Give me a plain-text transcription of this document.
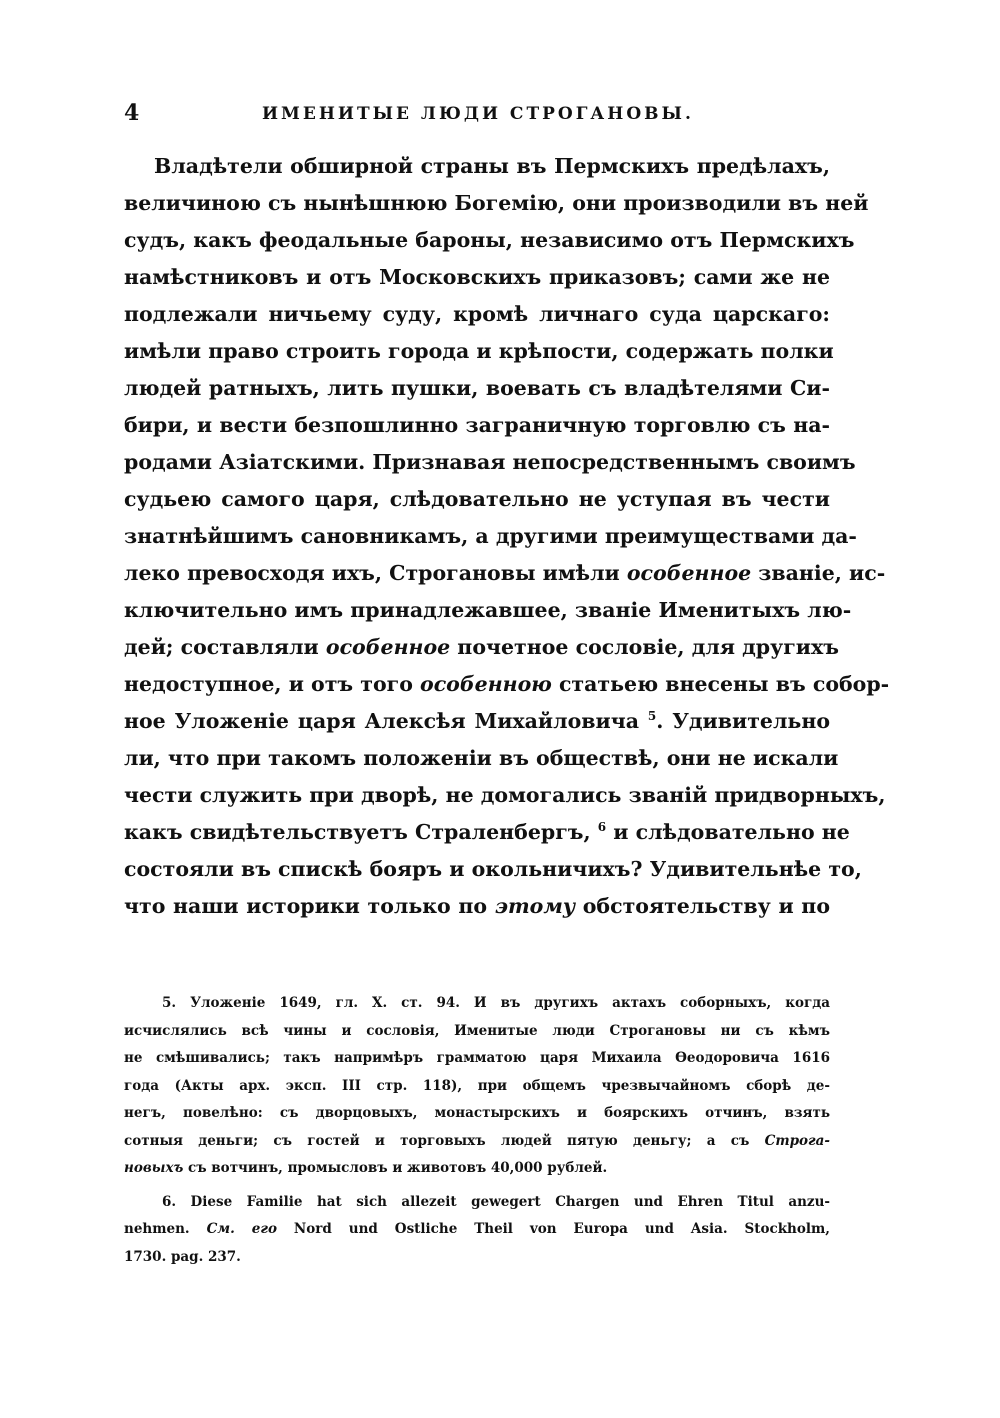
4	ИМЕНИТЫЕ ЛЮДИ СТРОГАНОВЫ.
Владѣтели обширной страны въ Пермскихъ предѣлахъ,
величиною съ нынѣшнюю Богемію, они производили въ ней
судъ, какъ феодальные бароны, независимо отъ Пермскихъ
намѣстниковъ и отъ Московскихъ приказовъ; сами же не
подлежали ничьему суду, кромѣ личнаго суда царскаго:
имѣли право строить города и крѣпости, содержать полки
людей ратныхъ, лить пушки, воевать съ владѣтелями Си-
бири, и вести безпошлинно заграничную торговлю съ на-
родами Азіатскими. Признавая непосредственнымъ своимъ
судьею самого царя, слѣдовательно не уступая въ чести
знатнѣйшимъ сановникамъ, а другими преимуществами да-
леко превосходя ихъ, Строгановы имѣли особенное званіе, ис-
ключительно имъ принадлежавшее, званіе Именитыхъ лю-
дей; составляли особенное почетное сословіе, для другихъ
недоступное, и отъ того особенною статьею внесены въ собор-
ное Уложеніе царя Алексѣя Михайловича $^5$. Удивительно
ли, что при такомъ положеніи въ обществѣ, они не искали
чести служить при дворѣ, не домогались званій придворныхъ,
какъ свидѣтельствуетъ Страленбергъ, $^6$ и слѣдовательно не
состояли въ спискѣ бояръ и окольничихъ? Удивительнѣе то,
что наши историки только по этому обстоятельству и по
5. Уложеніе 1649, гл. X. ст. 94. И въ другихъ актахъ соборныхъ, когда
исчислялись всѣ чины и сословія, Именитые люди Строгановы ни съ кѣмъ
не смѣшивались; такъ напримѣръ грамматою царя Михаила Ѳеодоровича 1616
года (Акты арх. эксп. III стр. 118), при общемъ чрезвычайномъ сборѣ де-
негъ, повелѣно: съ дворцовыхъ, монастырскихъ и боярскихъ отчинъ, взять
сотныя деньги; съ гостей и торговыхъ людей пятую деньгу; а съ Строга-
новыхъ съ вотчинъ, промысловъ и животовъ 40,000 рублей.
6. Diese Familie hat sich allezeit gewegert Chargen und Ehren Titul anzu-
nehmen. См. его Nord und Ostliche Theil von Europa und Asia. Stockholm,
1730. pag. 237.
